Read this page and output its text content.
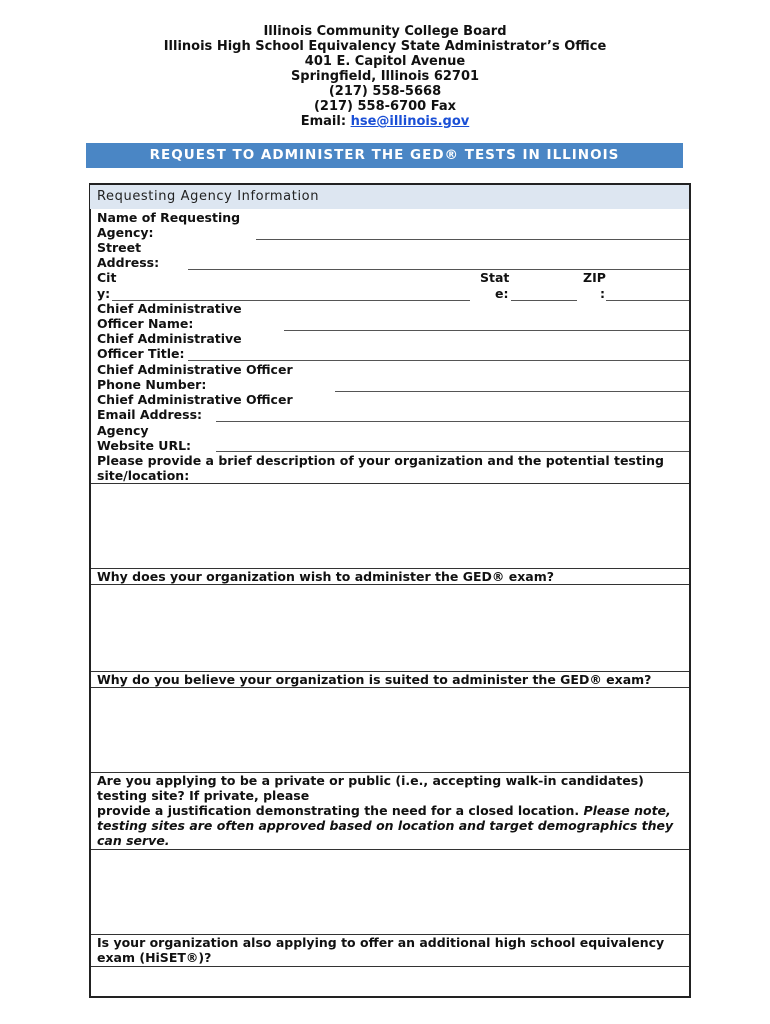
Illinois Community College Board
Illinois High School Equivalency State Administrator’s Office
401 E. Capitol Avenue
Springfield, Illinois 62701
(217) 558-5668
(217) 558-6700 Fax
Email: hse@illinois.gov
REQUEST TO ADMINISTER THE GED® TESTS IN ILLINOIS
Requesting Agency Information
Name of Requesting
Agency:
Street
Address:
Cit
y:
Stat
e:
ZIP
:
Chief Administrative
Officer Name:
Chief Administrative
Officer Title:
Chief Administrative Officer
Phone Number:
Chief Administrative Officer
Email Address:
Agency
Website URL:
Please provide a brief description of your organization and the potential testing
site/location:
Why does your organization wish to administer the GED® exam?
Why do you believe your organization is suited to administer the GED® exam?
Are you applying to be a private or public (i.e., accepting walk-in candidates)
testing site? If private, please
provide a justification demonstrating the need for a closed location. Please note,
testing sites are often approved based on location and target demographics they
can serve.
Is your organization also applying to offer an additional high school equivalency
exam (HiSET®)?
